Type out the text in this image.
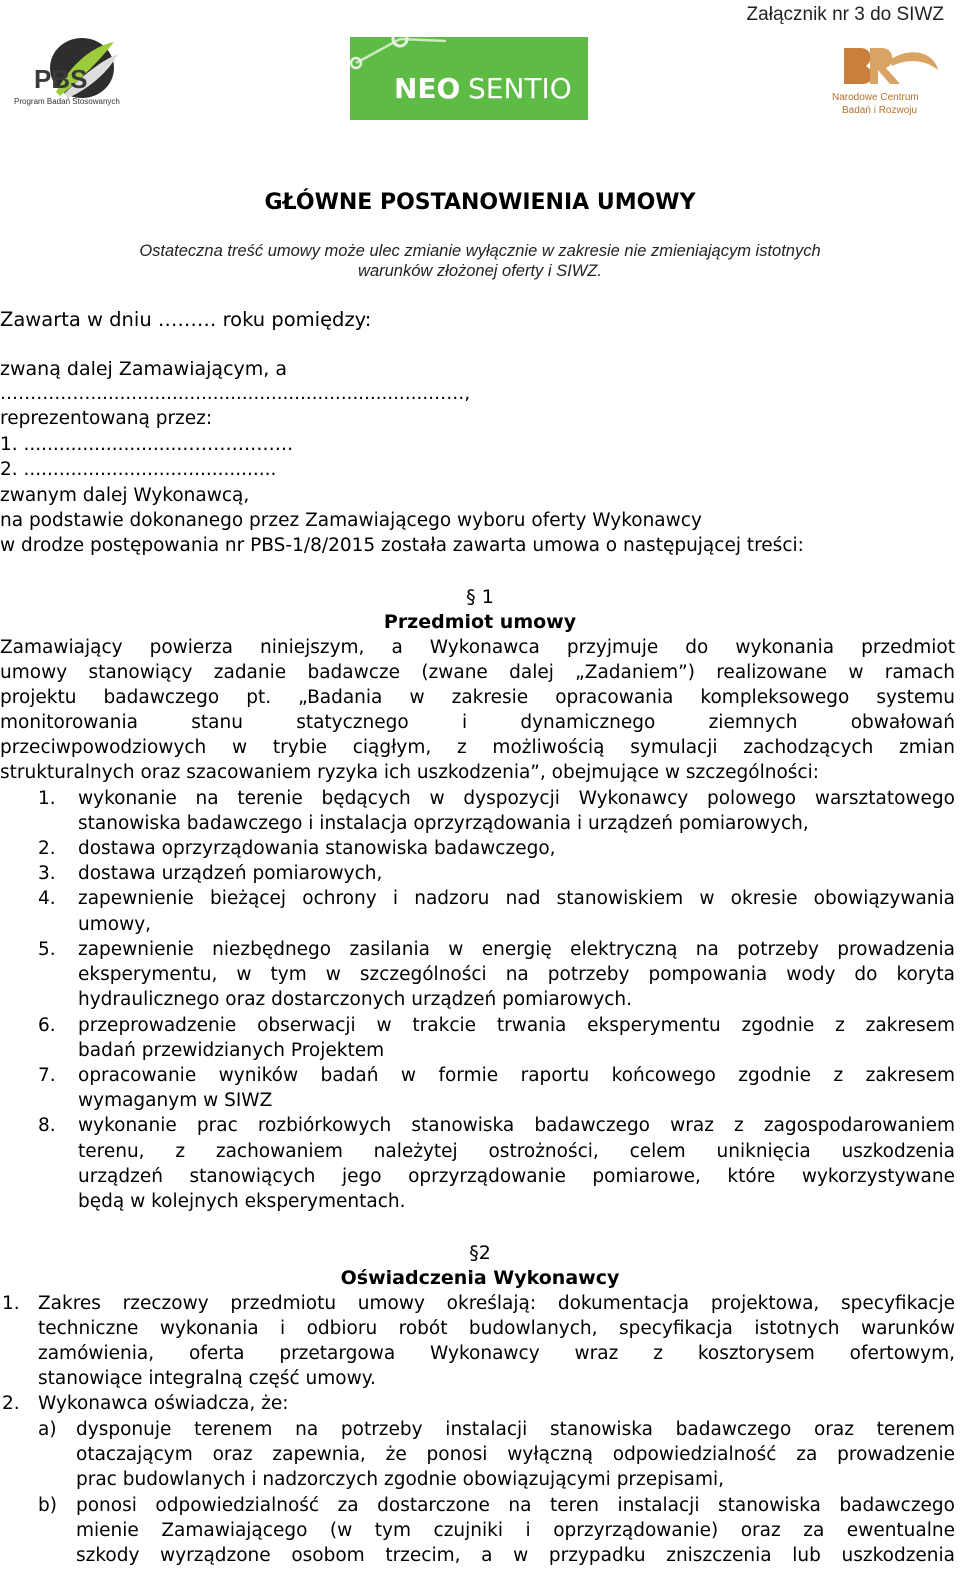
Załącznik nr 3 do SIWZ
PBS
Program Badań Stosowanych	NEO SENTIO	Narodowe Centrum
Badań i Rozwoju
GŁÓWNE POSTANOWIENIA UMOWY
Ostateczna treść umowy może ulec zmianie wyłącznie w zakresie nie zmieniającym istotnych
warunków złożonej oferty i SIWZ.
Zawarta w dniu ……… roku pomiędzy:
zwaną dalej Zamawiającym, a
……………..........................................................……,
reprezentowaną przez:
1. ...........................………………
2. ...........................................
zwanym dalej Wykonawcą,
na podstawie dokonanego przez Zamawiającego wyboru oferty Wykonawcy
w drodze postępowania nr PBS-1/8/2015 została zawarta umowa o następującej treści:
§ 1
Przedmiot umowy
Zamawiający powierza niniejszym, a Wykonawca przyjmuje do wykonania przedmiot
umowy stanowiący zadanie badawcze (zwane dalej „Zadaniem”) realizowane w ramach
projektu badawczego pt. „Badania w zakresie opracowania kompleksowego systemu
monitorowania stanu statycznego i dynamicznego ziemnych obwałowań
przeciwpowodziowych w trybie ciągłym, z możliwością symulacji zachodzących zmian
strukturalnych oraz szacowaniem ryzyka ich uszkodzenia”, obejmujące w szczególności:
1. wykonanie na terenie będących w dyspozycji Wykonawcy polowego warsztatowego
stanowiska badawczego i instalacja oprzyrządowania i urządzeń pomiarowych,
2. dostawa oprzyrządowania stanowiska badawczego,
3. dostawa urządzeń pomiarowych,
4. zapewnienie bieżącej ochrony i nadzoru nad stanowiskiem w okresie obowiązywania
umowy,
5. zapewnienie niezbędnego zasilania w energię elektryczną na potrzeby prowadzenia
eksperymentu, w tym w szczególności na potrzeby pompowania wody do koryta
hydraulicznego oraz dostarczonych urządzeń pomiarowych.
6. przeprowadzenie obserwacji w trakcie trwania eksperymentu zgodnie z zakresem
badań przewidzianych Projektem
7. opracowanie wyników badań w formie raportu końcowego zgodnie z zakresem
wymaganym w SIWZ
8. wykonanie prac rozbiórkowych stanowiska badawczego wraz z zagospodarowaniem
terenu, z zachowaniem należytej ostrożności, celem uniknięcia uszkodzenia
urządzeń stanowiących jego oprzyrządowanie pomiarowe, które wykorzystywane
będą w kolejnych eksperymentach.
§2
Oświadczenia Wykonawcy
1. Zakres rzeczowy przedmiotu umowy określają: dokumentacja projektowa, specyfikacje
techniczne wykonania i odbioru robót budowlanych, specyfikacja istotnych warunków
zamówienia, oferta przetargowa Wykonawcy wraz z kosztorysem ofertowym,
stanowiące integralną część umowy.
2. Wykonawca oświadcza, że:
a) dysponuje terenem na potrzeby instalacji stanowiska badawczego oraz terenem
otaczającym oraz zapewnia, że ponosi wyłączną odpowiedzialność za prowadzenie
prac budowlanych i nadzorczych zgodnie obowiązującymi przepisami,
b) ponosi odpowiedzialność za dostarczone na teren instalacji stanowiska badawczego
mienie Zamawiającego (w tym czujniki i oprzyrządowanie) oraz za ewentualne
szkody wyrządzone osobom trzecim, a w przypadku zniszczenia lub uszkodzenia
